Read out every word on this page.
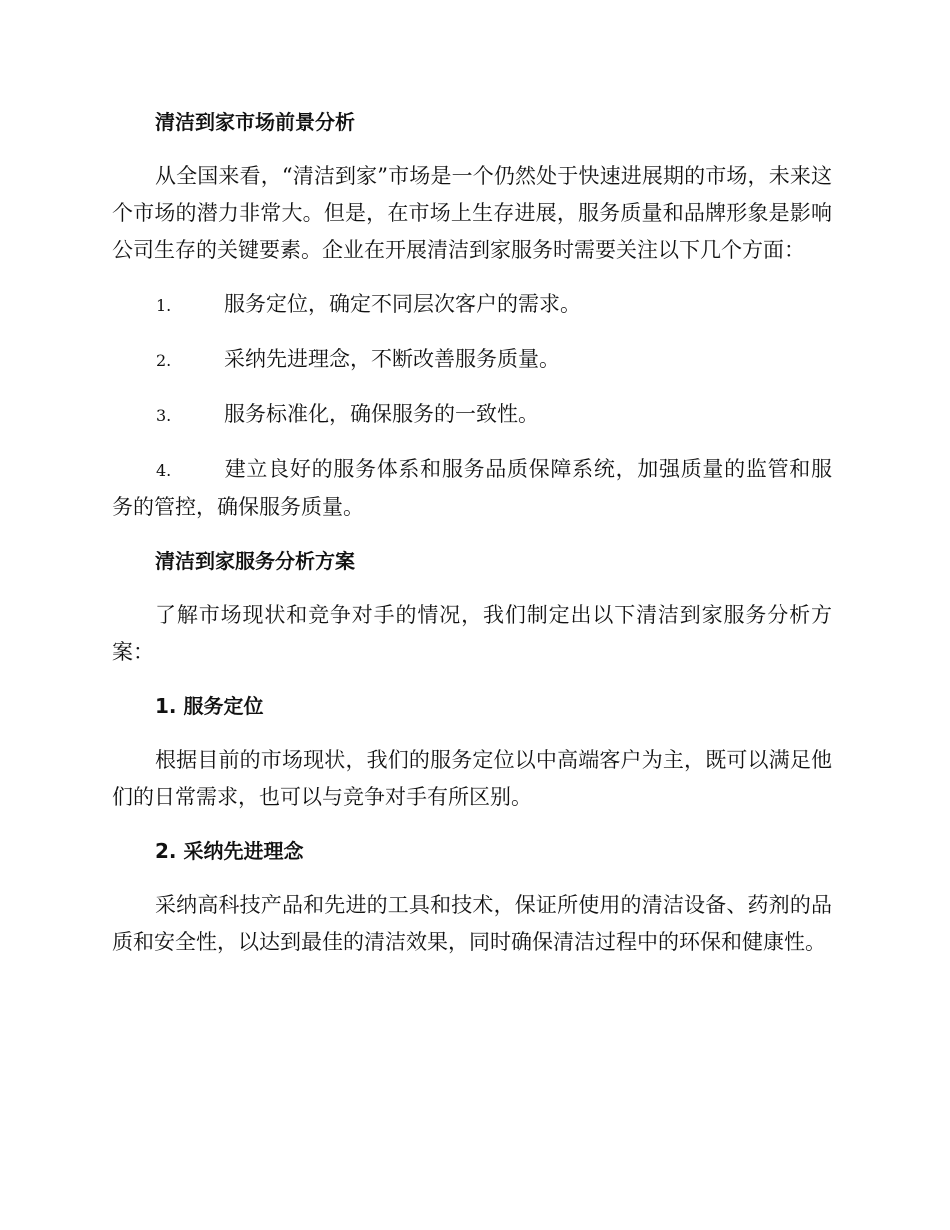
清洁到家市场前景分析

从全国来看，“清洁到家”市场是一个仍然处于快速进展期的市场，未来这个市场的潜力非常大。但是，在市场上生存进展，服务质量和品牌形象是影响公司生存的关键要素。企业在开展清洁到家服务时需要关注以下几个方面：

1.	服务定位，确定不同层次客户的需求。

2.	采纳先进理念，不断改善服务质量。

3.	服务标准化，确保服务的一致性。

4.	建立良好的服务体系和服务品质保障系统，加强质量的监管和服务的管控，确保服务质量。

清洁到家服务分析方案

了解市场现状和竞争对手的情况，我们制定出以下清洁到家服务分析方案：

1. 服务定位

根据目前的市场现状，我们的服务定位以中高端客户为主，既可以满足他们的日常需求，也可以与竞争对手有所区别。

2. 采纳先进理念

采纳高科技产品和先进的工具和技术，保证所使用的清洁设备、药剂的品质和安全性，以达到最佳的清洁效果，同时确保清洁过程中的环保和健康性。
